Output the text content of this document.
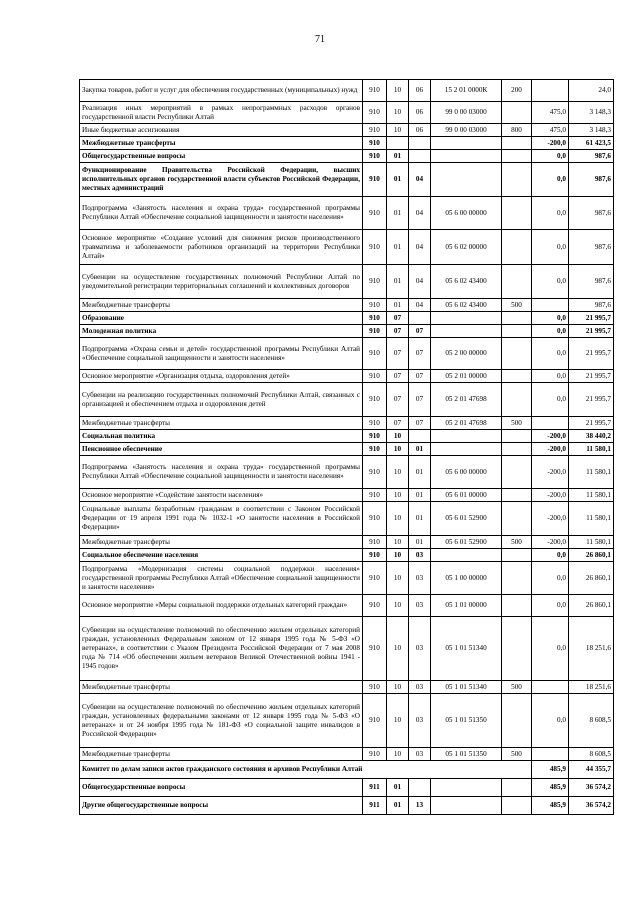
71
Закупка товаров, работ и услуг для обеспечения государственных (муниципальных) нужд	910	10	06	15 2 01 0000К	200		24,0
Реализация иных мероприятий в рамках непрограммных расходов органов государственной власти Республики Алтай	910	10	06	99 0 00 03000		475,0	3 148,3
Иные бюджетные ассигнования	910	10	06	99 0 00 03000	800	475,0	3 148,3
Межбюджетные трансферты	910					-200,0	61 423,5
Общегосударственные вопросы	910	01				0,0	987,6
Функционирование Правительства Российской Федерации, высших исполнительных органов государственной власти субъектов Российской Федерации, местных администраций	910	01	04			0,0	987,6
Подпрограмма «Занятость населения и охрана труда» государственной программы Республики Алтай «Обеспечение социальной защищенности и занятости населения»	910	01	04	05 6 00 00000		0,0	987,6
Основное мероприятие «Создание условий для снижения рисков производственного травматизма и заболеваемости работников организаций на территории Республики Алтай»	910	01	04	05 6 02 00000		0,0	987,6
Субвенции на осуществление государственных полномочий Республики Алтай по уведомительной регистрации территориальных соглашений и коллективных договоров	910	01	04	05 6 02 43400		0,0	987,6
Межбюджетные трансферты	910	01	04	05 6 02 43400	500		987,6
Образование	910	07				0,0	21 995,7
Молодежная политика	910	07	07			0,0	21 995,7
Подпрограмма «Охрана семьи и детей» государственной программы Республики Алтай «Обеспечение социальной защищенности и занятости населения»	910	07	07	05 2 00 00000		0,0	21 995,7
Основное мероприятие «Организация отдыха, оздоровления детей»	910	07	07	05 2 01 00000		0,0	21 995,7
Субвенции на реализацию государственных полномочий Республики Алтай, связанных с организацией и обеспечением отдыха и оздоровления детей	910	07	07	05 2 01 47698		0,0	21 995,7
Межбюджетные трансферты	910	07	07	05 2 01 47698	500		21 995,7
Социальная политика	910	10				-200,0	38 440,2
Пенсионное обеспечение	910	10	01			-200,0	11 580,1
Подпрограмма «Занятость населения и охрана труда» государственной программы Республики Алтай «Обеспечение социальной защищенности и занятости населения»	910	10	01	05 6 00 00000		-200,0	11 580,1
Основное мероприятие «Содействие занятости населения»	910	10	01	05 6 01 00000		-200,0	11 580,1
Социальные выплаты безработным гражданам в соответствии с Законом Российской Федерации от 19 апреля 1991 года № 1032-1 «О занятости населения в Российской Федерации»	910	10	01	05 6 01 52900		-200,0	11 580,1
Межбюджетные трансферты	910	10	01	05 6 01 52900	500	-200,0	11 580,1
Социальное обеспечение населения	910	10	03			0,0	26 860,1
Подпрограмма «Модернизация системы социальной поддержки населения» государственной программы Республики Алтай «Обеспечение социальной защищенности и занятости населения»	910	10	03	05 1 00 00000		0,0	26 860,1
Основное мероприятие «Меры социальной поддержки отдельных категорий граждан»	910	10	03	05 1 01 00000		0,0	26 860,1
Субвенции на осуществление полномочий по обеспечению жильем отдельных категорий граждан, установленных Федеральным законом от 12 января 1995 года № 5-ФЗ «О ветеранах», в соответствии с Указом Президента Российской Федерации от 7 мая 2008 года № 714 «Об обеспечении жильем ветеранов Великой Отечественной войны 1941 - 1945 годов»	910	10	03	05 1 01 51340		0,0	18 251,6
Межбюджетные трансферты	910	10	03	05 1 01 51340	500		18 251,6
Субвенции на осуществление полномочий по обеспечению жильем отдельных категорий граждан, установленных федеральными законами от 12 января 1995 года № 5-ФЗ «О ветеранах» и от 24 ноября 1995 года № 181-ФЗ «О социальной защите инвалидов в Российской Федерации»	910	10	03	05 1 01 51350		0,0	8 608,5
Межбюджетные трансферты	910	10	03	05 1 01 51350	500		8 608,5
Комитет по делам записи актов гражданского состояния и архивов Республики Алтай						485,9	44 355,7
Общегосударственные вопросы	911	01				485,9	36 574,2
Другие общегосударственные вопросы	911	01	13			485,9	36 574,2
